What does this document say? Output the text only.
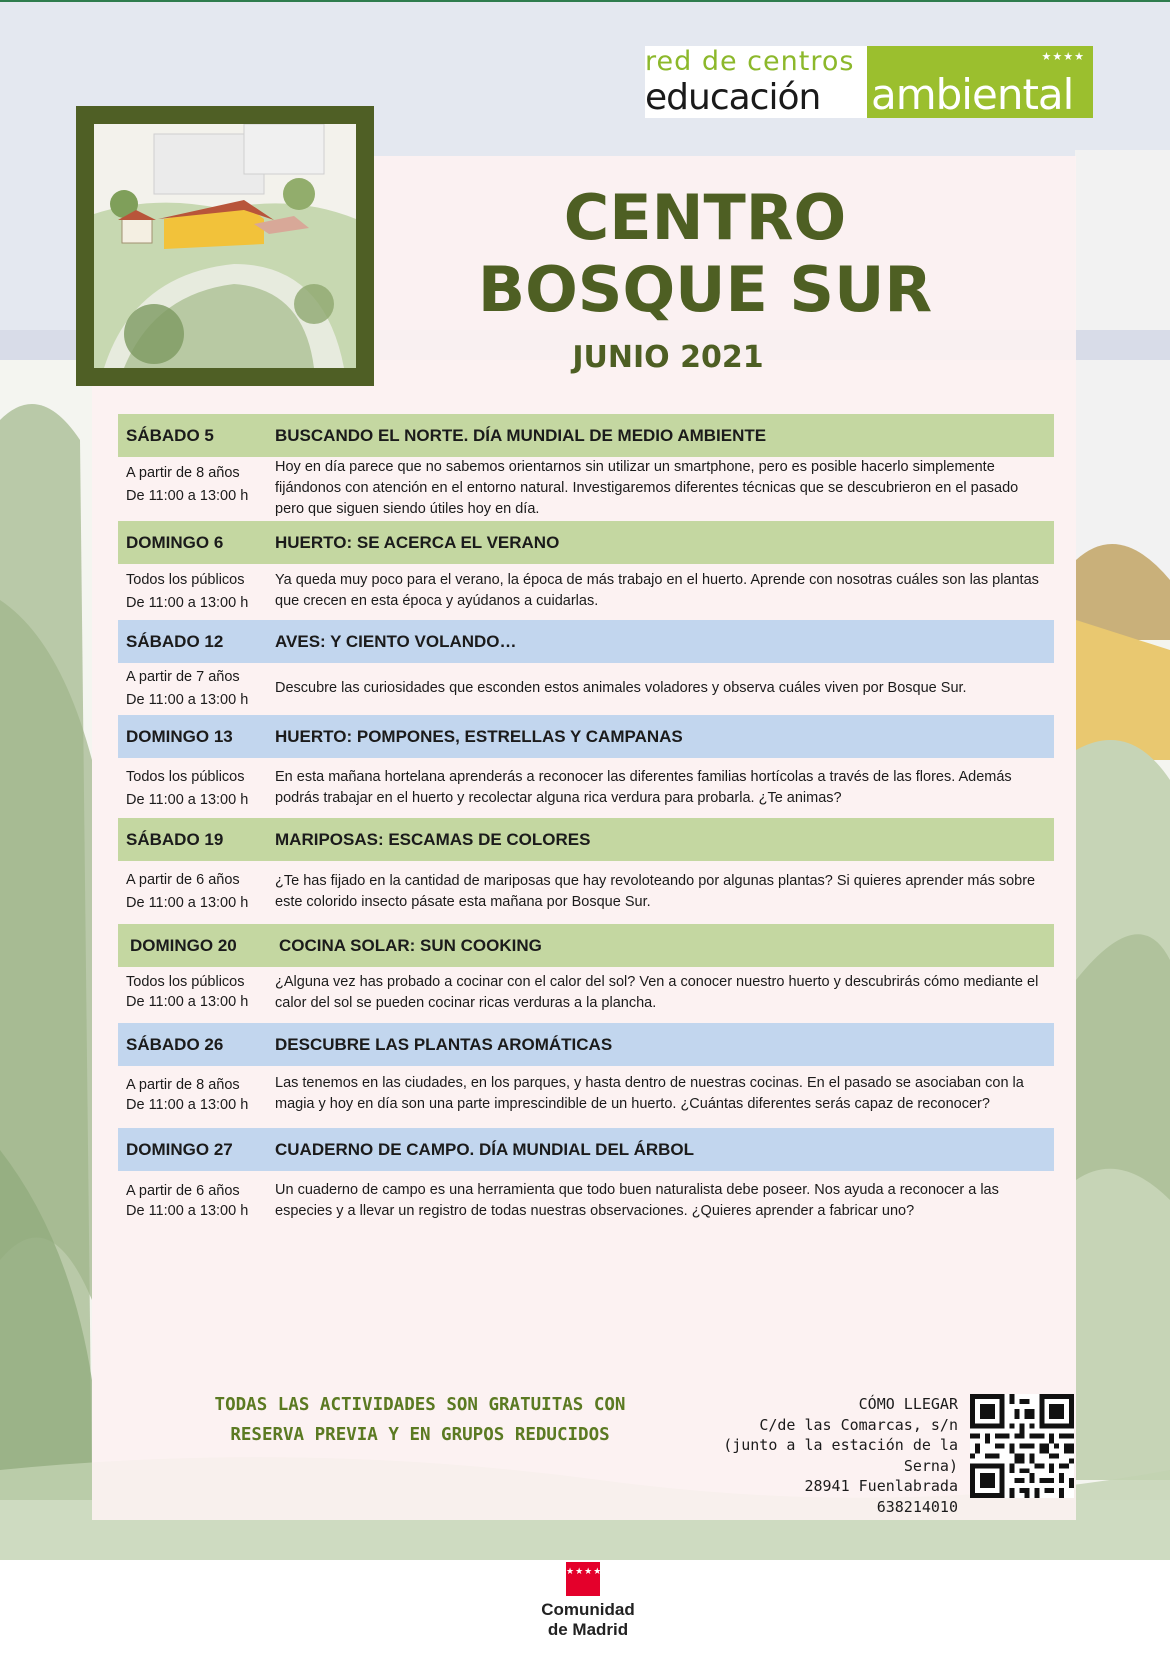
red de centros
educación	ambiental
★★★★
CENTRO
BOSQUE SUR
JUNIO 2021
SÁBADO 5	BUSCANDO EL NORTE. DÍA MUNDIAL DE MEDIO AMBIENTE
A partir de 8 años
De 11:00 a 13:00 h
Hoy en día parece que no sabemos orientarnos sin utilizar un smartphone, pero es posible hacerlo simplemente fijándonos con atención en el entorno natural. Investigaremos diferentes técnicas que se descubrieron en el pasado pero que siguen siendo útiles hoy en día.
DOMINGO 6	HUERTO: SE ACERCA EL VERANO
Todos los públicos
De 11:00 a 13:00 h
Ya queda muy poco para el verano, la época de más trabajo en el huerto. Aprende con nosotras cuáles son las plantas que crecen en esta época y ayúdanos a cuidarlas.
SÁBADO 12	AVES: Y CIENTO VOLANDO…
A partir de 7 años
De 11:00 a 13:00 h
Descubre las curiosidades que esconden estos animales voladores y observa cuáles viven por Bosque Sur.
DOMINGO 13 HUERTO: POMPONES, ESTRELLAS Y CAMPANAS
Todos los públicos
De 11:00 a 13:00 h
En esta mañana hortelana aprenderás a reconocer las diferentes familias hortícolas a través de las flores. Además podrás trabajar en el huerto y recolectar alguna rica verdura para probarla. ¿Te animas?
SÁBADO 19	MARIPOSAS: ESCAMAS DE COLORES
A partir de 6 años
De 11:00 a 13:00 h
¿Te has fijado en la cantidad de mariposas que hay revoloteando por algunas plantas? Si quieres aprender más sobre este colorido insecto pásate esta mañana por Bosque Sur.
DOMINGO 20 COCINA SOLAR: SUN COOKING
Todos los públicos
De 11:00 a 13:00 h
¿Alguna vez has probado a cocinar con el calor del sol? Ven a conocer nuestro huerto y descubrirás cómo mediante el calor del sol se pueden cocinar ricas verduras a la plancha.
SÁBADO 26	DESCUBRE LAS PLANTAS AROMÁTICAS
A partir de 8 años
De 11:00 a 13:00 h
Las tenemos en las ciudades, en los parques, y hasta dentro de nuestras cocinas. En el pasado se asociaban con la magia y hoy en día son una parte imprescindible de un huerto. ¿Cuántas diferentes serás capaz de reconocer?
DOMINGO 27 CUADERNO DE CAMPO. DÍA MUNDIAL DEL ÁRBOL
A partir de 6 años
De 11:00 a 13:00 h
Un cuaderno de campo es una herramienta que todo buen naturalista debe poseer. Nos ayuda a reconocer a las especies y a llevar un registro de todas nuestras observaciones. ¿Quieres aprender a fabricar uno?
TODAS LAS ACTIVIDADES SON GRATUITAS CON
RESERVA PREVIA Y EN GRUPOS REDUCIDOS
CÓMO LLEGAR
C/de las Comarcas, s/n
(junto a la estación de la Serna)
28941 Fuenlabrada
638214010
★★★★★★★
Comunidad
de Madrid
